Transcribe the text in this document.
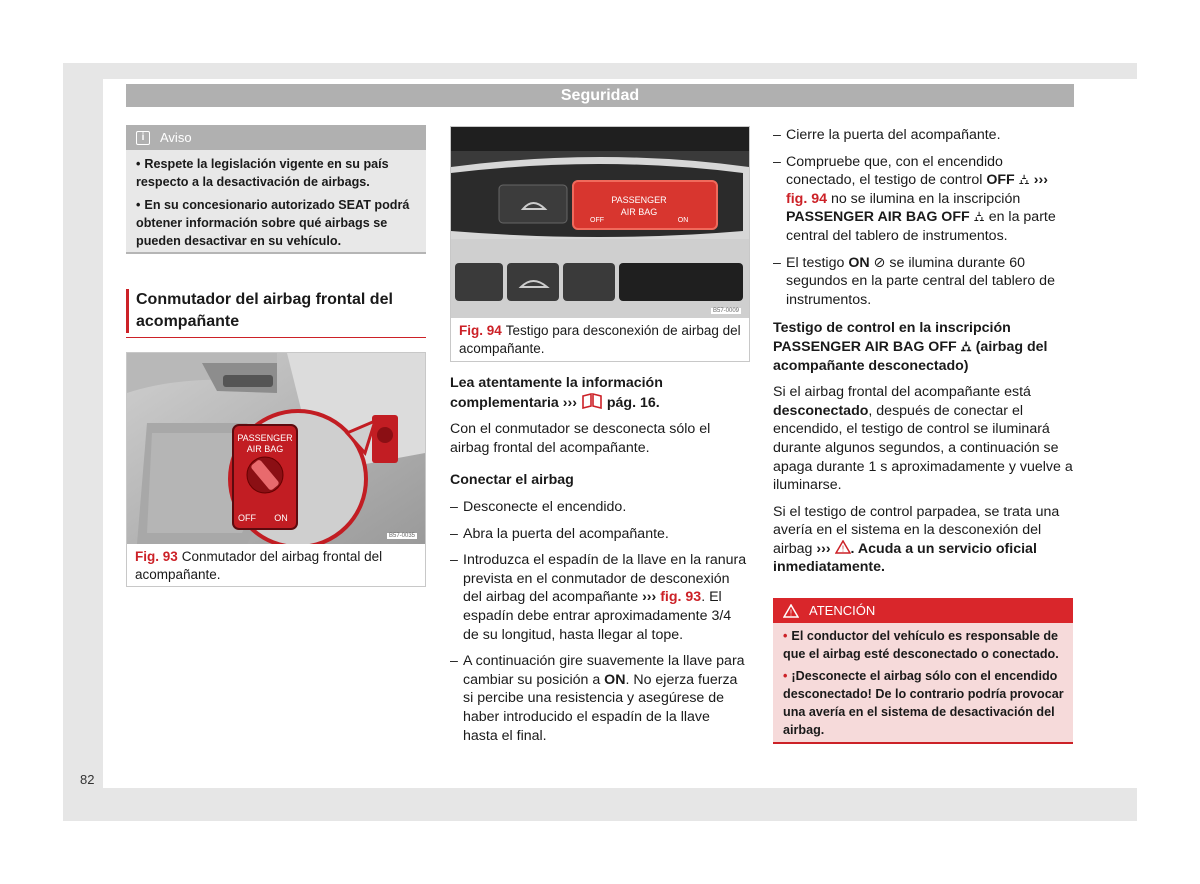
Seguridad
82
i	Aviso
• Respete la legislación vigente en su país respecto a la desactivación de airbags.
• En su concesionario autorizado SEAT podrá obtener información sobre qué airbags se pueden desactivar en su vehículo.
Conmutador del airbag frontal del acompañante
PASSENGER
AIR BAG
OFF ON
B57-0035
Fig. 93 Conmutador del airbag frontal del acompañante.
PASSENGER
AIR BAG
OFF	ON
B57-0009
Fig. 94 Testigo para desconexión de airbag del acompañante.

Lea atentamente la información complementaria ››› pág. 16.

Con el conmutador se desconecta sólo el airbag frontal del acompañante.

Conectar el airbag

– Desconecte el encendido.
– Abra la puerta del acompañante.
– Introduzca el espadín de la llave en la ranura prevista en el conmutador de desconexión del airbag del acompañante ››› fig. 93. El espadín debe entrar aproximadamente 3/4 de su longitud, hasta llegar al tope.
– A continuación gire suavemente la llave para cambiar su posición a ON. No ejerza fuerza si percibe una resistencia y asegúrese de haber introducido el espadín de la llave hasta el final.
– Cierre la puerta del acompañante.
– Compruebe que, con el encendido conectado, el testigo de control OFF ⛼ ››› fig. 94 no se ilumina en la inscripción PASSENGER AIR BAG OFF ⛼ en la parte central del tablero de instrumentos.
– El testigo ON ⊘ se ilumina durante 60 segundos en la parte central del tablero de instrumentos.

Testigo de control en la inscripción PASSENGER AIR BAG OFF ⛼ (airbag del acompañante desconectado)

Si el airbag frontal del acompañante está desconectado, después de conectar el encendido, el testigo de control se iluminará durante algunos segundos, a continuación se apaga durante 1 s aproximadamente y vuelve a iluminarse.

Si el testigo de control parpadea, se trata una avería en el sistema en la desconexión del airbag ››› ! . Acuda a un servicio oficial inmediatamente.

! ATENCIÓN
• El conductor del vehículo es responsable de que el airbag esté desconectado o conectado.
• ¡Desconecte el airbag sólo con el encendido desconectado! De lo contrario podría provocar una avería en el sistema de desactivación del airbag.
